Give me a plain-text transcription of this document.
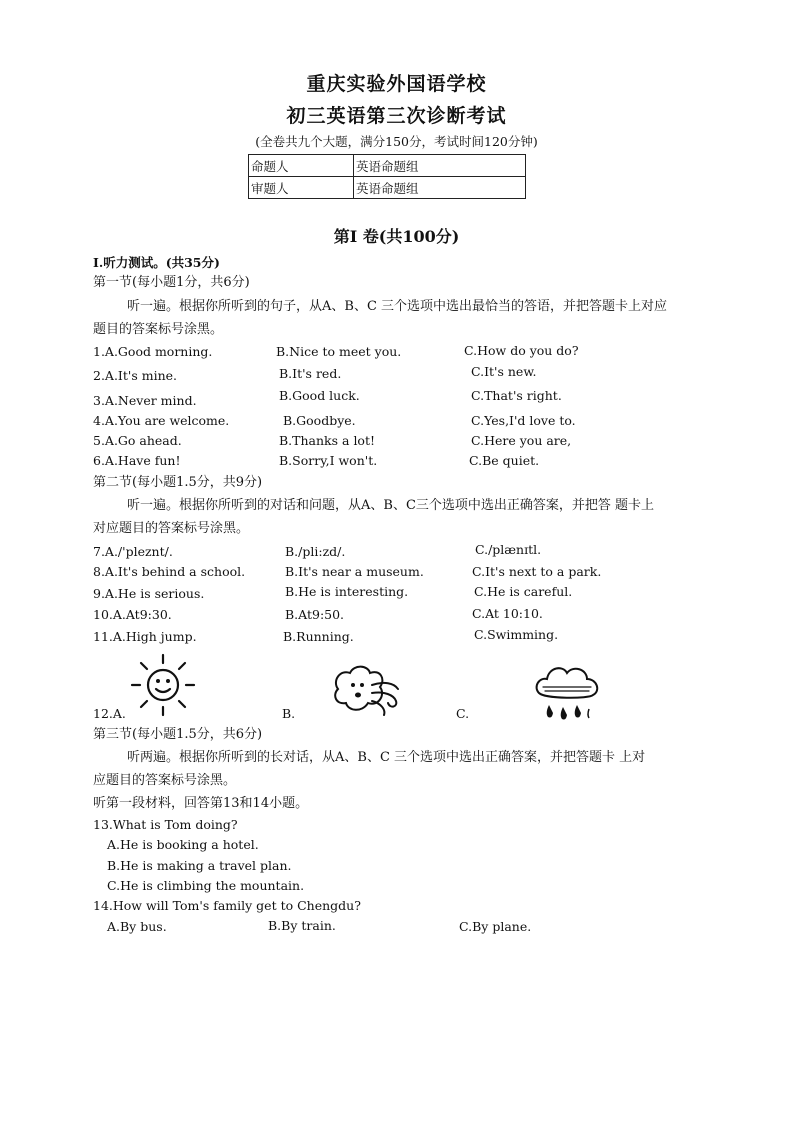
重庆实验外国语学校
初三英语第三次诊断考试
(全卷共九个大题，满分150分，考试时间120分钟)
命题人	英语命题组
审题人	英语命题组
第I 卷(共100分)
I.听力测试。(共35分)
第一节(每小题1分，共6分)
听一遍。根据你所听到的句子，从A、B、C 三个选项中选出最恰当的答语，并把答题卡上对应
题目的答案标号涂黑。
1.A.Good morning.	B.Nice to meet you.	C.How do you do?
2.A.It's mine.	B.It's red.	C.It's new.
3.A.Never mind.	B.Good luck.	C.That's right.
4.A.You are welcome.	B.Goodbye.	C.Yes,I'd love to.
5.A.Go ahead.	B.Thanks a lot!	C.Here you are,
6.A.Have fun!	B.Sorry,I won't.	C.Be quiet.
第二节(每小题1.5分，共9分)
听一遍。根据你所听到的对话和问题，从A、B、C三个选项中选出正确答案，并把答 题卡上
对应题目的答案标号涂黑。
7.A./'pleznt/.	B./pli:zd/.	C./plænɪtl.
8.A.It's behind a school.	B.It's near a museum.	C.It's next to a park.
9.A.He is serious.	B.He is interesting.	C.He is careful.
10.A.At9:30.	B.At9:50.	C.At 10:10.
11.A.High jump.	B.Running.	C.Swimming.
12.A.	B.	C.
第三节(每小题1.5分，共6分)
听两遍。根据你所听到的长对话，从A、B、C 三个选项中选出正确答案，并把答题卡 上对
应题目的答案标号涂黑。
听第一段材料，回答第13和14小题。
13.What is Tom doing?
A.He is booking a hotel.
B.He is making a travel plan.
C.He is climbing the mountain.
14.How will Tom's family get to Chengdu?
A.By bus.	B.By train.	C.By plane.
